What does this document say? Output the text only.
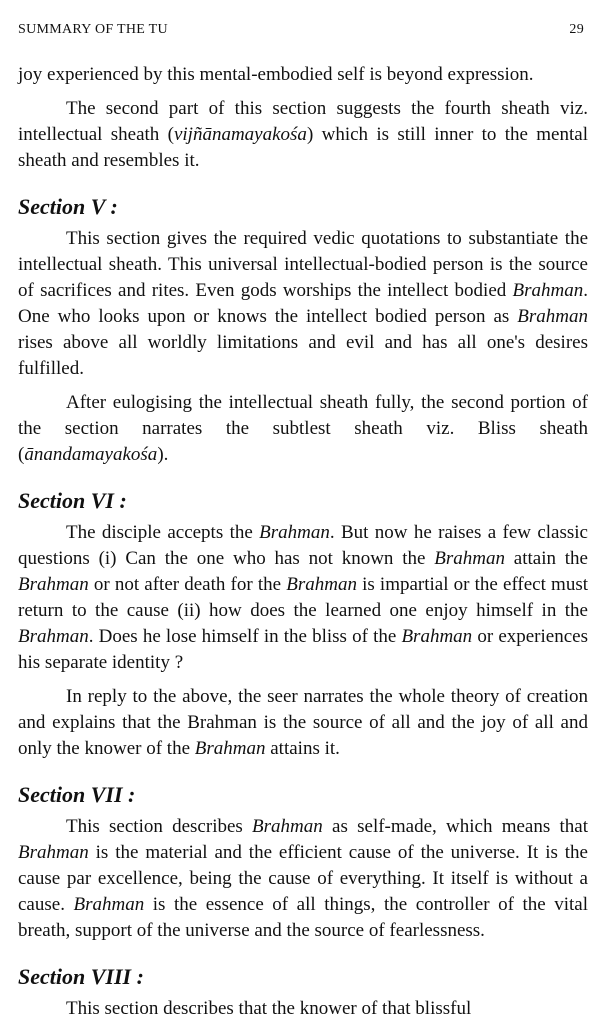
SUMMARY OF THE TU	29

joy experienced by this mental-embodied self is beyond expression.

The second part of this section suggests the fourth sheath viz. intellectual sheath (vijñānamayakośa) which is still inner to the mental sheath and resembles it.

Section V :

This section gives the required vedic quotations to substantiate the intellectual sheath. This universal intellectual-bodied person is the source of sacrifices and rites. Even gods worships the intellect bodied Brahman. One who looks upon or knows the intellect bodied person as Brahman rises above all worldly limitations and evil and has all one's desires fulfilled.

After eulogising the intellectual sheath fully, the second portion of the section narrates the subtlest sheath viz. Bliss sheath (ānandamayakośa).

Section VI :

The disciple accepts the Brahman. But now he raises a few classic questions (i) Can the one who has not known the Brahman attain the Brahman or not after death for the Brahman is impartial or the effect must return to the cause (ii) how does the learned one enjoy himself in the Brahman. Does he lose himself in the bliss of the Brahman or experiences his separate identity ?

In reply to the above, the seer narrates the whole theory of creation and explains that the Brahman is the source of all and the joy of all and only the knower of the Brahman attains it.

Section VII :

This section describes Brahman as self-made, which means that Brahman is the material and the efficient cause of the universe. It is the cause par excellence, being the cause of everything. It itself is without a cause. Brahman is the essence of all things, the controller of the vital breath, support of the universe and the source of fearlessness.

Section VIII :

This section describes that the knower of that blissful
